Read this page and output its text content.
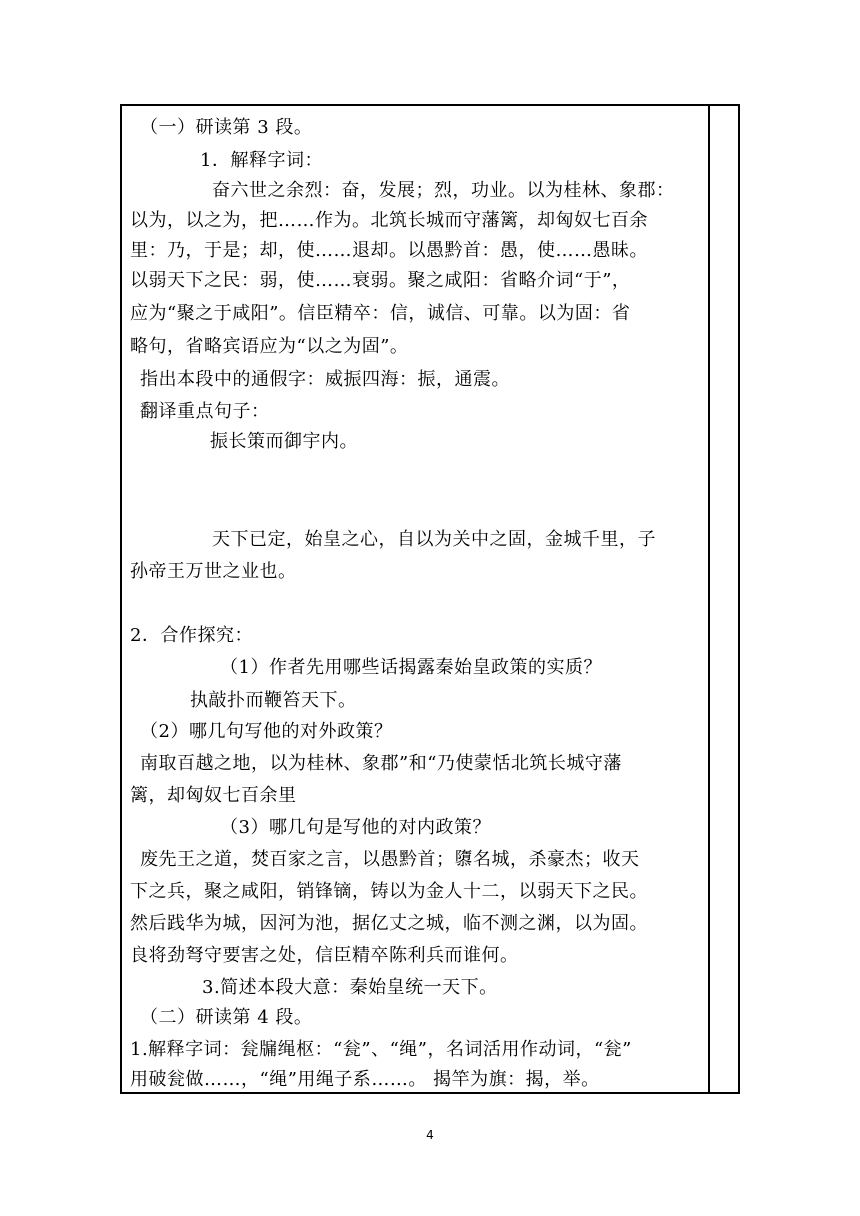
（一）研读第 3 段。
1．解释字词：
奋六世之余烈：奋，发展；烈，功业。以为桂林、象郡：
以为，以之为，把……作为。北筑长城而守藩篱，却匈奴七百余
里：乃，于是；却，使……退却。以愚黔首：愚，使……愚昧。
以弱天下之民：弱，使……衰弱。聚之咸阳：省略介词“于”，
应为“聚之于咸阳”。信臣精卒：信，诚信、可靠。以为固：省
略句，省略宾语应为“以之为固”。
指出本段中的通假字：威振四海：振，通震。
翻译重点句子：
振长策而御宇内。
天下已定，始皇之心，自以为关中之固，金城千里，子
孙帝王万世之业也。
2．合作探究：
（1）作者先用哪些话揭露秦始皇政策的实质？
执敲扑而鞭笞天下。
（2）哪几句写他的对外政策？
南取百越之地，以为桂林、象郡”和“乃使蒙恬北筑长城守藩
篱，却匈奴七百余里
（3）哪几句是写他的对内政策？
废先王之道，焚百家之言，以愚黔首；隳名城，杀豪杰；收天
下之兵，聚之咸阳，销锋镝，铸以为金人十二，以弱天下之民。
然后践华为城，因河为池，据亿丈之城，临不测之渊，以为固。
良将劲弩守要害之处，信臣精卒陈利兵而谁何。
3.简述本段大意：秦始皇统一天下。
（二）研读第 4 段。
1.解释字词：瓮牖绳枢：“瓮”、“绳”，名词活用作动词，“瓮”
用破瓮做……，“绳”用绳子系……。 揭竿为旗：揭，举。
4
